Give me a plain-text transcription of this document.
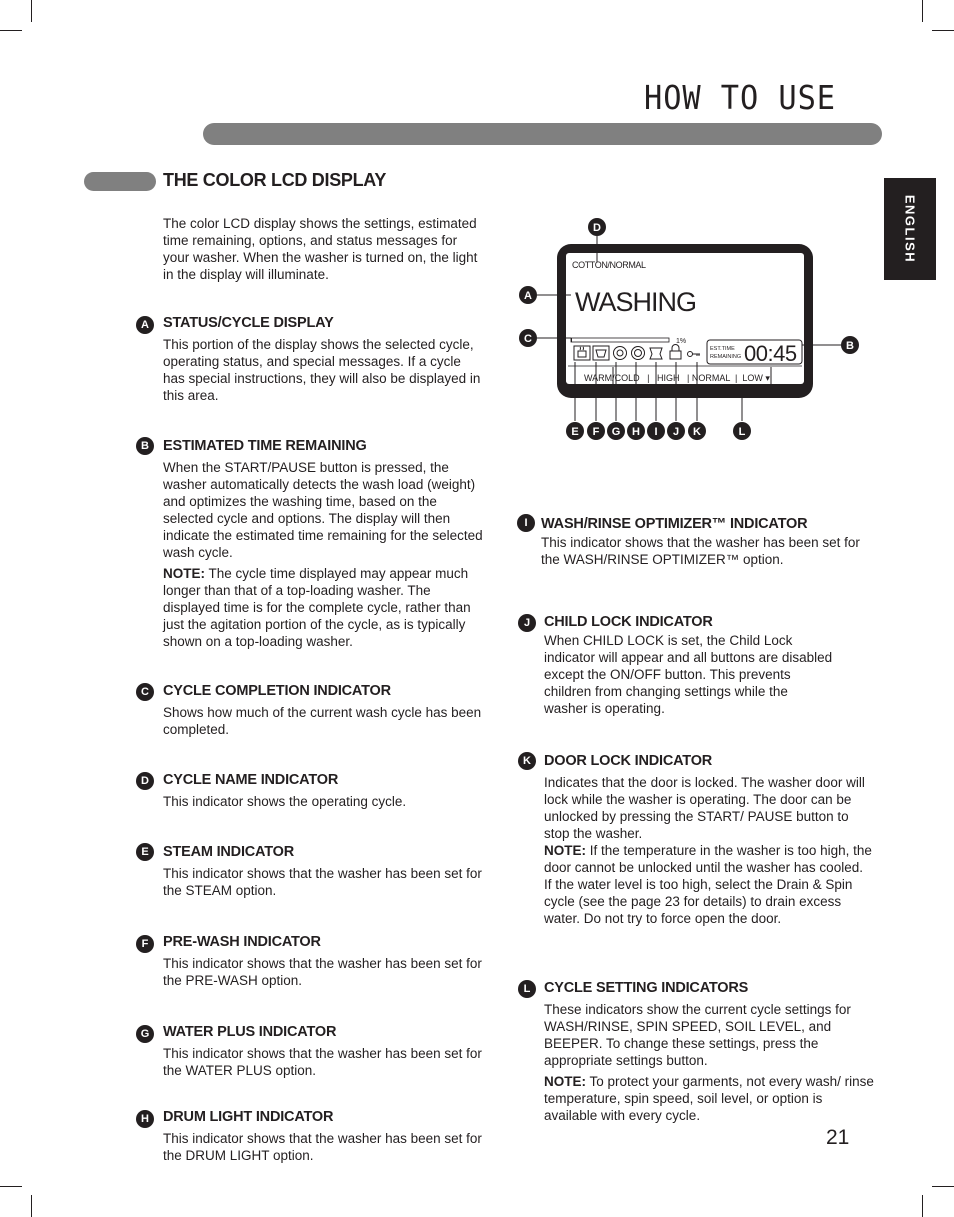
HOW TO USE
THE COLOR LCD DISPLAY
ENGLISH
The color LCD display shows the settings, estimated time remaining, options, and status messages for your washer. When the washer is turned on, the light in the display will illuminate.
A STATUS/CYCLE DISPLAY
This portion of the display shows the selected cycle, operating status, and special messages. If a cycle has special instructions, they will also be displayed in this area.
B ESTIMATED TIME REMAINING
When the START/PAUSE button is pressed, the washer automatically detects the wash load (weight) and optimizes the washing time, based on the selected cycle and options. The display will then indicate the estimated time remaining for the selected wash cycle.
NOTE: The cycle time displayed may appear much longer than that of a top-loading washer. The displayed time is for the complete cycle, rather than just the agitation portion of the cycle, as is typically shown on a top-loading washer.
C CYCLE COMPLETION INDICATOR
Shows how much of the current wash cycle has been completed.
D CYCLE NAME INDICATOR
This indicator shows the operating cycle.
E STEAM INDICATOR
This indicator shows that the washer has been set for the STEAM option.
F	PRE-WASH INDICATOR
This indicator shows that the washer has been set for the PRE-WASH option.
G WATER PLUS INDICATOR
This indicator shows that the washer has been set for the WATER PLUS option.
H DRUM LIGHT INDICATOR
This indicator shows that the washer has been set for the DRUM LIGHT option.
I WASH/RINSE OPTIMIZER™ INDICATOR
This indicator shows that the washer has been set for the WASH/RINSE OPTIMIZER™ option.
J CHILD LOCK INDICATOR
When CHILD LOCK is set, the Child Lock indicator will appear and all buttons are disabled except the ON/OFF button. This prevents children from changing settings while the washer is operating.
K DOOR LOCK INDICATOR
Indicates that the door is locked. The washer door will lock while the washer is operating. The door can be unlocked by pressing the START/ PAUSE button to stop the washer.
NOTE: If the temperature in the washer is too high, the door cannot be unlocked until the washer has cooled. If the water level is too high, select the Drain & Spin cycle (see the page 23 for details) to drain excess water. Do not try to force open the door.
L CYCLE SETTING INDICATORS
These indicators show the current cycle settings for WASH/RINSE, SPIN SPEED, SOIL LEVEL, and BEEPER. To change these settings, press the appropriate settings button.
NOTE: To protect your garments, not every wash/ rinse temperature, spin speed, soil level, or option is available with every cycle.
COTTON/NORMAL
WASHING
1%
EST.TIME
REMAINING 00:45
WARM/COLD   |   HIGH   | NORMAL  |  LOW ▾
A
C
D
B
E F G H I J K	L
21
